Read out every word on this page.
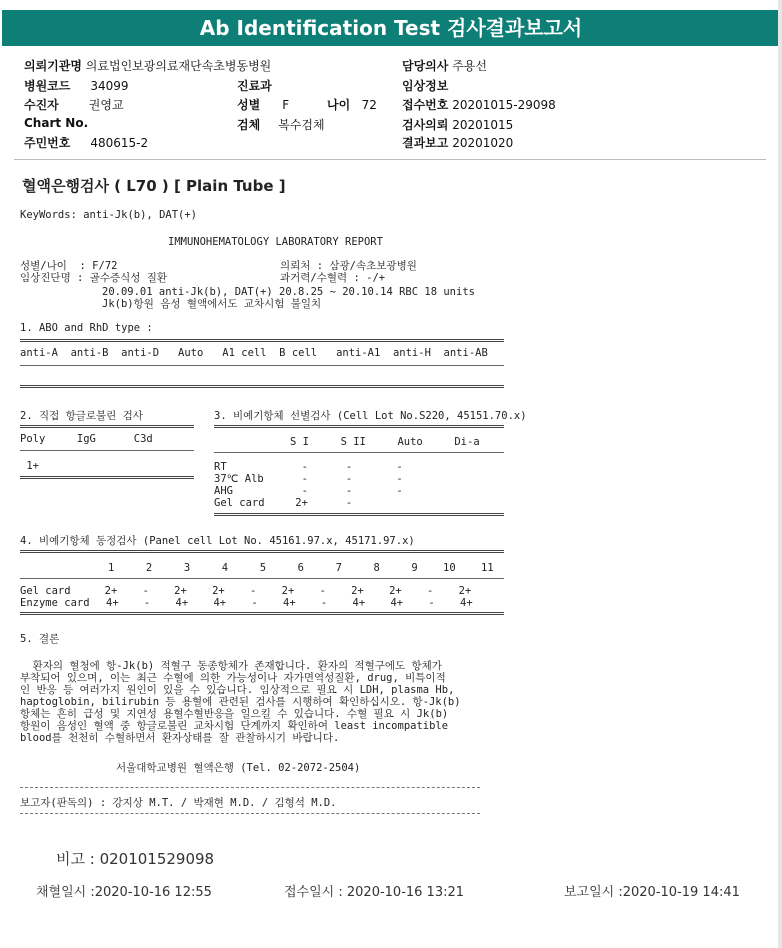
Ab Identification Test 검사결과보고서
의뢰기관명 의료법인보광의료재단속초병동병원
병원코드 34099
수진자	권영교
Chart No.
주민번호 480615-2
진료과
성별 F	나이 72
검체 복수검체
담당의사 주용선
임상정보
접수번호 20201015-29098
검사의뢰 20201015
결과보고 20201020
혈액은행검사 ( L70 ) [ Plain Tube ]
KeyWords: anti-Jk(b), DAT(+)
IMMUNOHEMATOLOGY LABORATORY REPORT
성별/나이  : F/72	의뢰처 : 삼광/속초보광병원
임상진단명 : 골수증식성 질환	과거력/수혈력 : -/+
20.09.01 anti-Jk(b), DAT(+) 20.8.25 ~ 20.10.14 RBC 18 units
Jk(b)항원 음성 혈액에서도 교차시험 불일치
1. ABO and RhD type :
anti-A  anti-B  anti-D   Auto   A1 cell  B cell   anti-A1  anti-H  anti-AB
2. 직접 항글로불린 검사
Poly     IgG      C3d
1+
3. 비예기항체 선별검사 (Cell Lot No.S220, 45151.70.x)
S I     S II     Auto     Di-a
RT	-      -       -
37℃ Alb -      -       -
AHG	-      -       -
Gel card 2+      -
4. 비예기항체 동정검사 (Panel cell Lot No. 45161.97.x, 45171.97.x)
1     2     3     4     5     6     7     8     9    10    11
Gel card 2+    -    2+    2+    -    2+    -    2+    2+    -    2+
Enzyme card 4+    -    4+    4+    -    4+    -    4+    4+    -    4+
5. 결론
환자의 혈청에 항-Jk(b) 적혈구 동종항체가 존재합니다. 환자의 적혈구에도 항체가
부착되어 있으며, 이는 최근 수혈에 의한 가능성이나 자가면역성질환, drug, 비특이적
인 반응 등 여러가지 원인이 있을 수 있습니다. 임상적으로 필요 시 LDH, plasma Hb,
haptoglobin, bilirubin 등 용혈에 관련된 검사를 시행하여 확인하십시오. 항-Jk(b)
항체는 흔히 급성 및 지연성 용혈수혈반응을 일으킬 수 있습니다. 수혈 필요 시 Jk(b)
항원이 음성인 혈액 중 항글로불린 교차시험 단계까지 확인하여 least incompatible
blood를 천천히 수혈하면서 환자상태를 잘 관찰하시기 바랍니다.
서울대학교병원 혈액은행 (Tel. 02-2072-2504)
보고자(판독의) : 강지상 M.T. / 박재현 M.D. / 김형석 M.D.
비고 : 020101529098
채혈일시 :2020-10-16 12:55	접수일시 : 2020-10-16 13:21	보고일시 :2020-10-19 14:41
